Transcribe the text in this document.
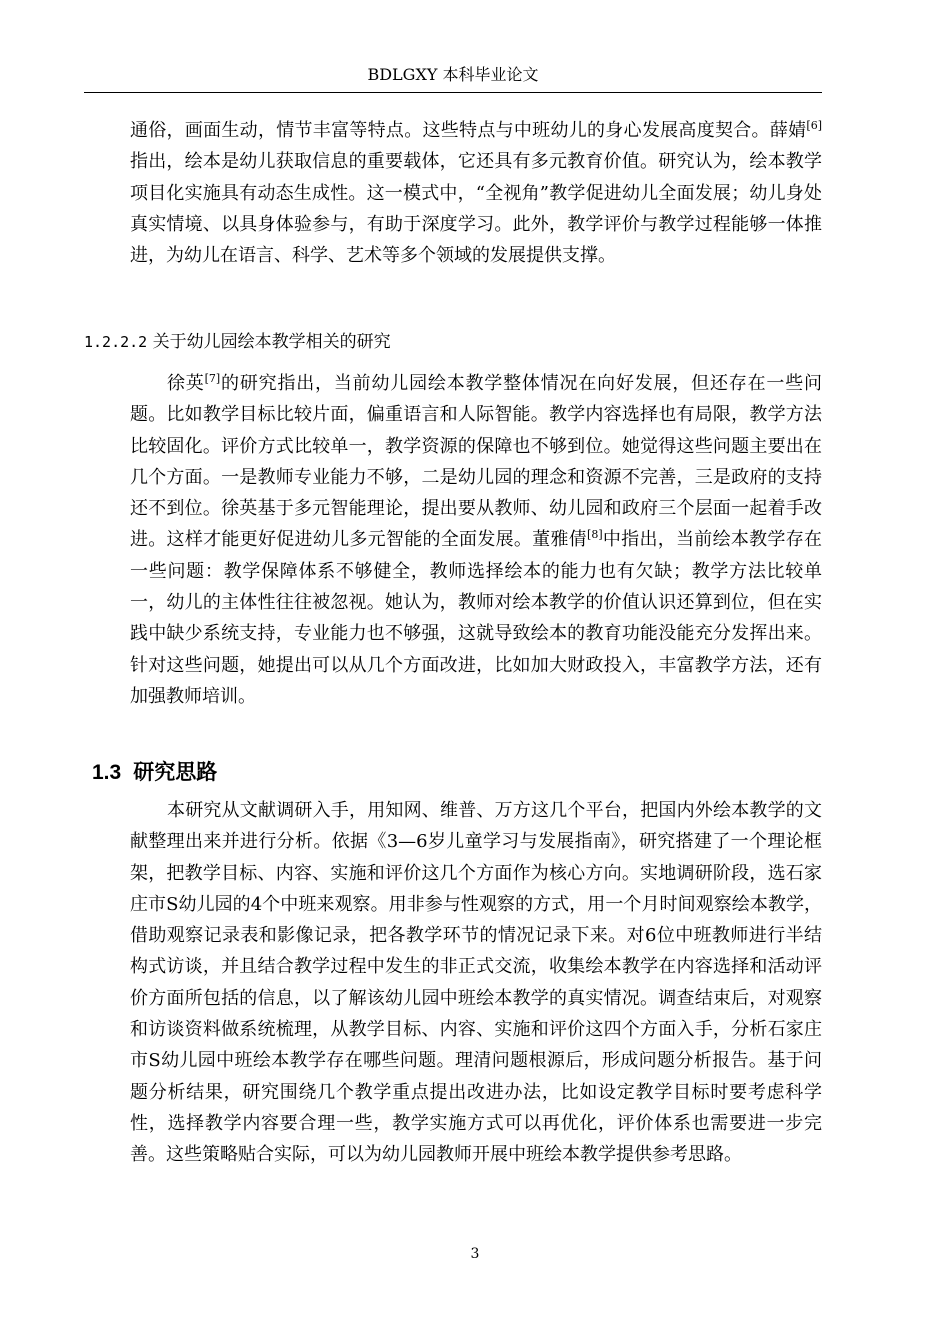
BDLGXY 本科毕业论文
通俗，画面生动，情节丰富等特点。这些特点与中班幼儿的身心发展高度契合。薛婧[6]指出，绘本是幼儿获取信息的重要载体，它还具有多元教育价值。研究认为，绘本教学项目化实施具有动态生成性。这一模式中，“全视角”教学促进幼儿全面发展；幼儿身处真实情境、以具身体验参与，有助于深度学习。此外，教学评价与教学过程能够一体推进，为幼儿在语言、科学、艺术等多个领域的发展提供支撑。
1.2.2.2 关于幼儿园绘本教学相关的研究
徐英[7]的研究指出，当前幼儿园绘本教学整体情况在向好发展，但还存在一些问题。比如教学目标比较片面，偏重语言和人际智能。教学内容选择也有局限，教学方法比较固化。评价方式比较单一，教学资源的保障也不够到位。她觉得这些问题主要出在几个方面。一是教师专业能力不够，二是幼儿园的理念和资源不完善，三是政府的支持还不到位。徐英基于多元智能理论，提出要从教师、幼儿园和政府三个层面一起着手改进。这样才能更好促进幼儿多元智能的全面发展。董雅倩[8]中指出，当前绘本教学存在一些问题：教学保障体系不够健全，教师选择绘本的能力也有欠缺；教学方法比较单一，幼儿的主体性往往被忽视。她认为，教师对绘本教学的价值认识还算到位，但在实践中缺少系统支持，专业能力也不够强，这就导致绘本的教育功能没能充分发挥出来。针对这些问题，她提出可以从几个方面改进，比如加大财政投入，丰富教学方法，还有加强教师培训。
1.3 研究思路
本研究从文献调研入手，用知网、维普、万方这几个平台，把国内外绘本教学的文献整理出来并进行分析。依据《3—6岁儿童学习与发展指南》，研究搭建了一个理论框架，把教学目标、内容、实施和评价这几个方面作为核心方向。实地调研阶段，选石家庄市S幼儿园的4个中班来观察。用非参与性观察的方式，用一个月时间观察绘本教学，借助观察记录表和影像记录，把各教学环节的情况记录下来。对6位中班教师进行半结构式访谈，并且结合教学过程中发生的非正式交流，收集绘本教学在内容选择和活动评价方面所包括的信息，以了解该幼儿园中班绘本教学的真实情况。调查结束后，对观察和访谈资料做系统梳理，从教学目标、内容、实施和评价这四个方面入手，分析石家庄市S幼儿园中班绘本教学存在哪些问题。理清问题根源后，形成问题分析报告。基于问题分析结果，研究围绕几个教学重点提出改进办法，比如设定教学目标时要考虑科学性，选择教学内容要合理一些，教学实施方式可以再优化，评价体系也需要进一步完善。这些策略贴合实际，可以为幼儿园教师开展中班绘本教学提供参考思路。
3
